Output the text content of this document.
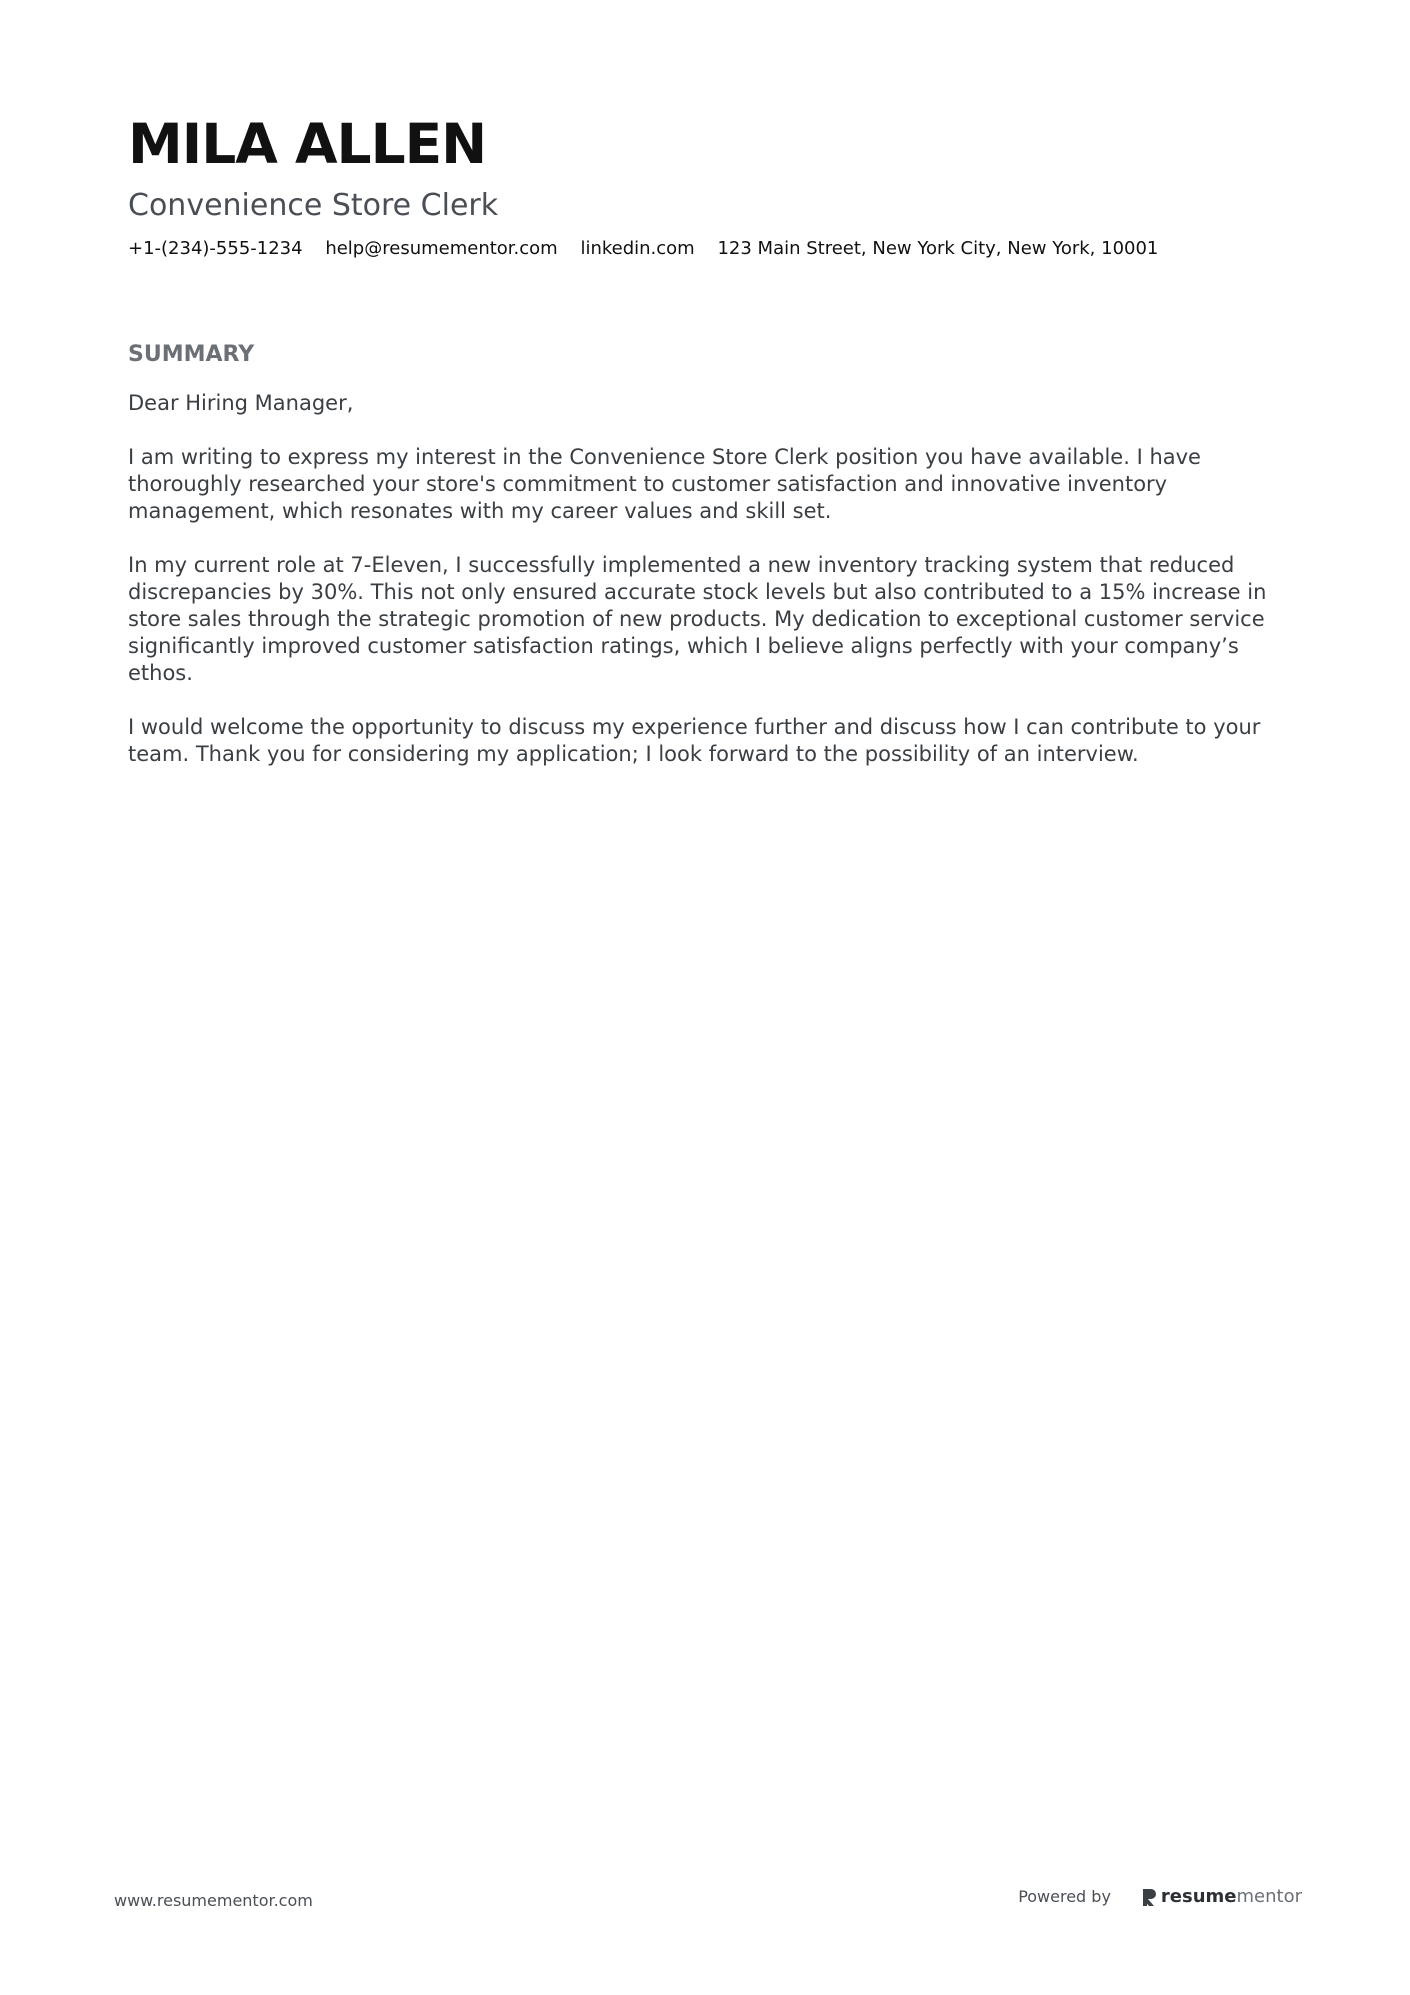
MILA ALLEN
Convenience Store Clerk
+1-(234)-555-1234 help@resumementor.com linkedin.com 123 Main Street, New York City, New York, 10001
SUMMARY

Dear Hiring Manager,

I am writing to express my interest in the Convenience Store Clerk position you have available. I have thoroughly researched your store's commitment to customer satisfaction and innovative inventory management, which resonates with my career values and skill set.

In my current role at 7-Eleven, I successfully implemented a new inventory tracking system that reduced discrepancies by 30%. This not only ensured accurate stock levels but also contributed to a 15% increase in store sales through the strategic promotion of new products. My dedication to exceptional customer service significantly improved customer satisfaction ratings, which I believe aligns perfectly with your company’s ethos.

I would welcome the opportunity to discuss my experience further and discuss how I can contribute to your team. Thank you for considering my application; I look forward to the possibility of an interview.

www.resumementor.com	Powered by	resume mentor
